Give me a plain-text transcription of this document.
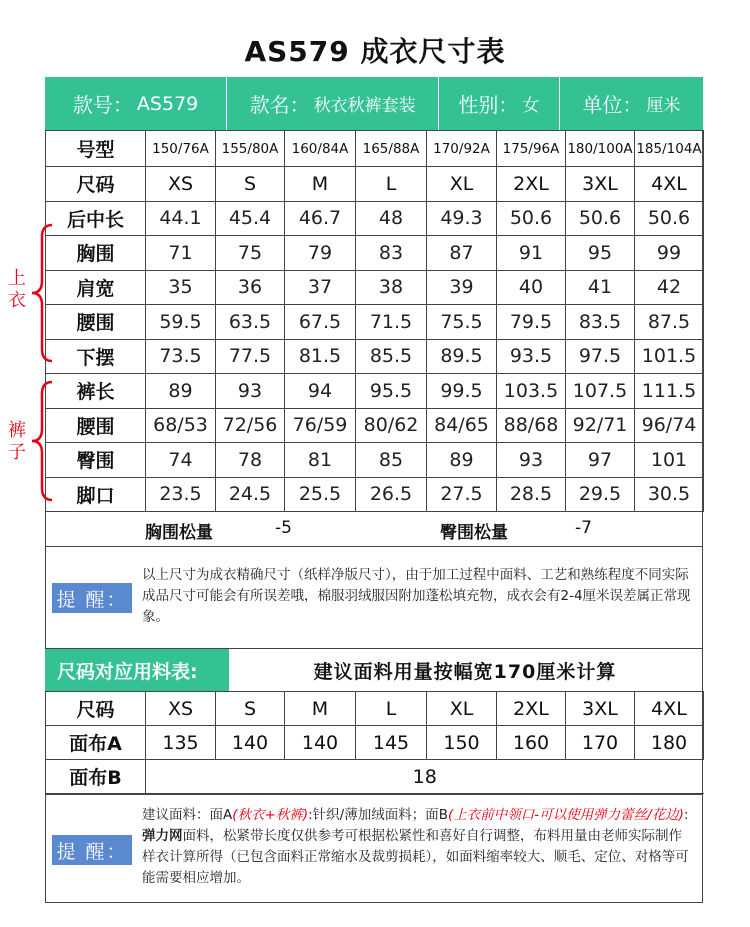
AS579 成衣尺寸表
款号： AS579	款名： 秋衣秋裤套装 性别： 女 单位： 厘米
号型	150/76A	155/80A	160/84A	165/88A	170/92A	175/96A	180/100A	185/104A
尺码	XS	S	M	L	XL	2XL	3XL	4XL
后中长	44.1	45.4	46.7	48	49.3	50.6	50.6	50.6
胸围	71	75	79	83	87	91	95	99
肩宽	35	36	37	38	39	40	41	42
腰围	59.5	63.5	67.5	71.5	75.5	79.5	83.5	87.5
下摆	73.5	77.5	81.5	85.5	89.5	93.5	97.5	101.5
裤长	89	93	94	95.5	99.5	103.5	107.5	111.5
腰围	68/53	72/56	76/59	80/62	84/65	88/68	92/71	96/74
臀围	74	78	81	85	89	93	97	101
脚口	23.5	24.5	25.5	26.5	27.5	28.5	29.5	30.5
上衣
裤子
胸围松量	-5	臀围松量	-7
提 醒：
以上尺寸为成衣精确尺寸（纸样净版尺寸），由于加工过程中面料、工艺和熟练程度不同实际成品尺寸可能会有所误差哦，棉服羽绒服因附加蓬松填充物，成衣会有2-4厘米误差属正常现象。
尺码对应用料表:	建议面料用量按幅宽170厘米计算
尺码	XS	S	M	L	XL	2XL	3XL	4XL
面布A	135	140	140	145	150	160	170	180
面布B	18							
提 醒：
建议面料：面A(秋衣+秋裤):针织/薄加绒面料；面B(上衣前中领口-可以使用弹力蕾丝/花边):弹力网面料，松紧带长度仅供参考可根据松紧性和喜好自行调整，布料用量由老师实际制作样衣计算所得（已包含面料正常缩水及裁剪损耗），如面料缩率较大、顺毛、定位、对格等可能需要相应增加。
